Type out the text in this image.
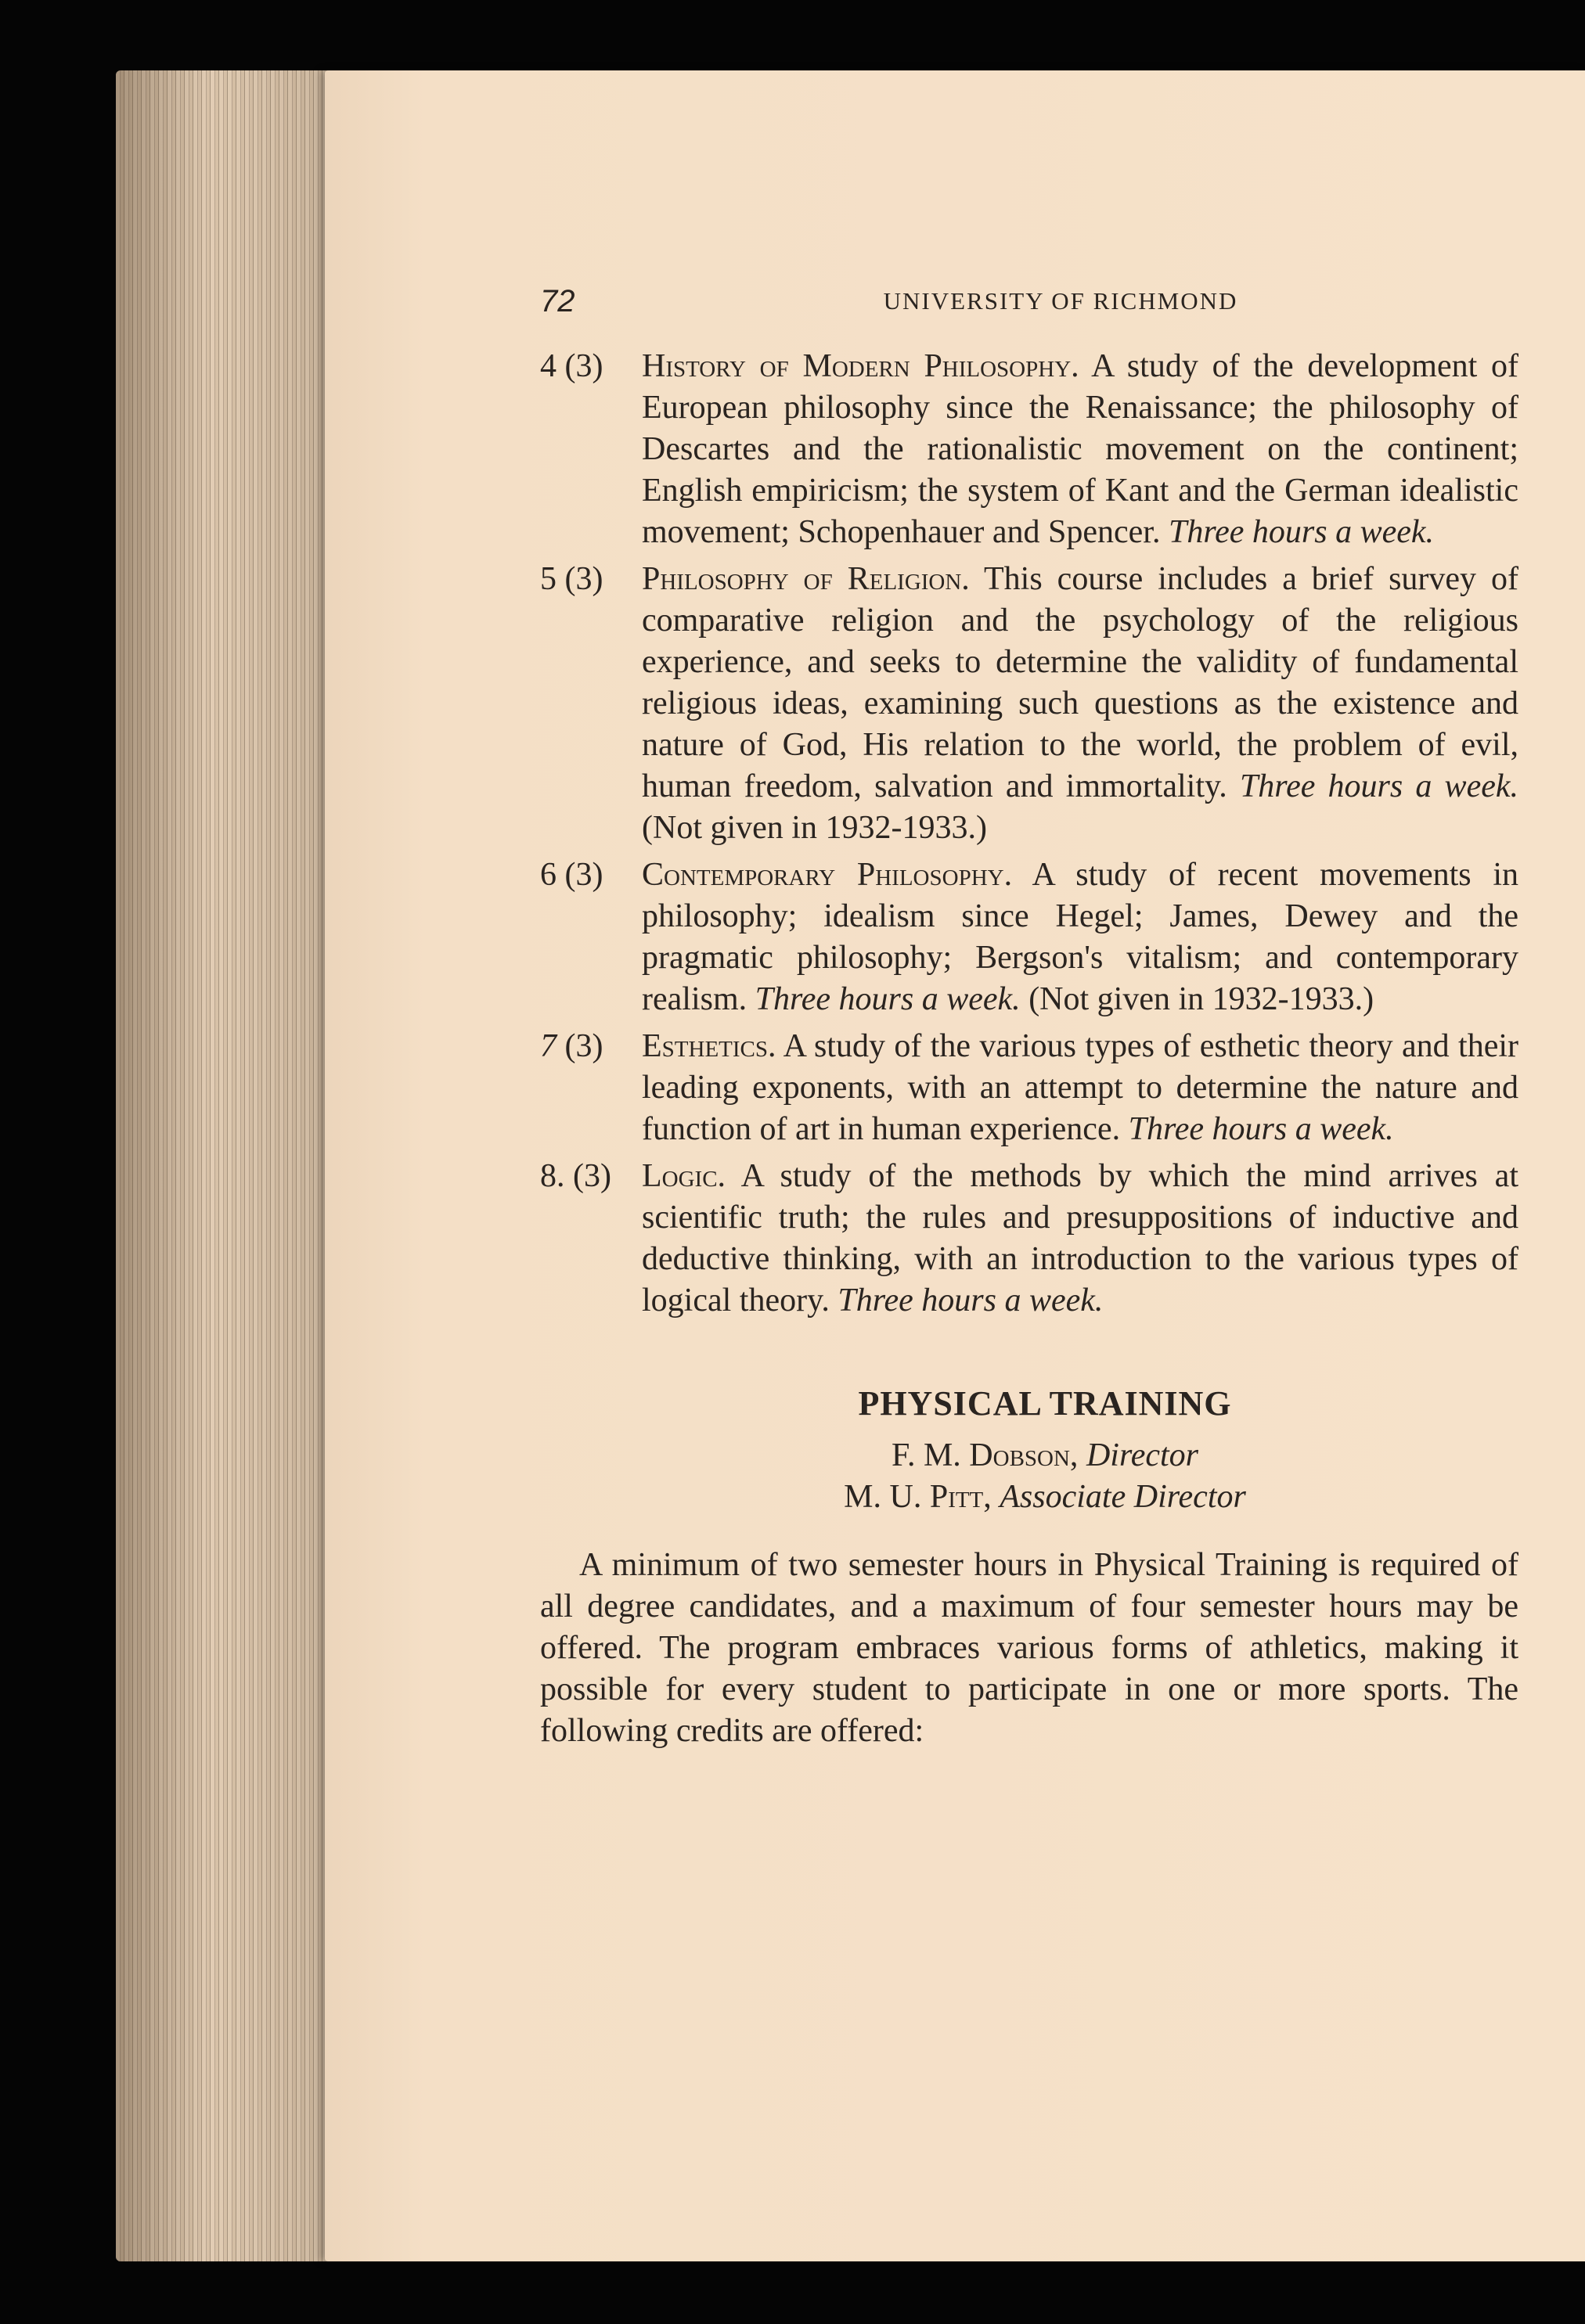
72	UNIVERSITY OF RICHMOND
4 (3) History of Modern Philosophy. A study of the development of European philosophy since the Renaissance; the philosophy of Descartes and the rationalistic movement on the continent; English empiricism; the system of Kant and the German idealistic movement; Schopenhauer and Spencer. Three hours a week.
5 (3) Philosophy of Religion. This course includes a brief survey of comparative religion and the psychology of the religious experience, and seeks to determine the validity of fundamental religious ideas, examining such questions as the existence and nature of God, His relation to the world, the problem of evil, human freedom, salvation and immortality. Three hours a week. (Not given in 1932-1933.)
6 (3) Contemporary Philosophy. A study of recent movements in philosophy; idealism since Hegel; James, Dewey and the pragmatic philosophy; Bergson's vitalism; and contemporary realism. Three hours a week. (Not given in 1932-1933.)
7 (3) Esthetics. A study of the various types of esthetic theory and their leading exponents, with an attempt to determine the nature and function of art in human experience. Three hours a week.
8. (3) Logic. A study of the methods by which the mind arrives at scientific truth; the rules and presuppositions of inductive and deductive thinking, with an introduction to the various types of logical theory. Three hours a week.
PHYSICAL TRAINING
F. M. Dobson, Director
M. U. Pitt, Associate Director
A minimum of two semester hours in Physical Training is required of all degree candidates, and a maximum of four semester hours may be offered. The program embraces various forms of athletics, making it possible for every student to participate in one or more sports. The following credits are offered:
